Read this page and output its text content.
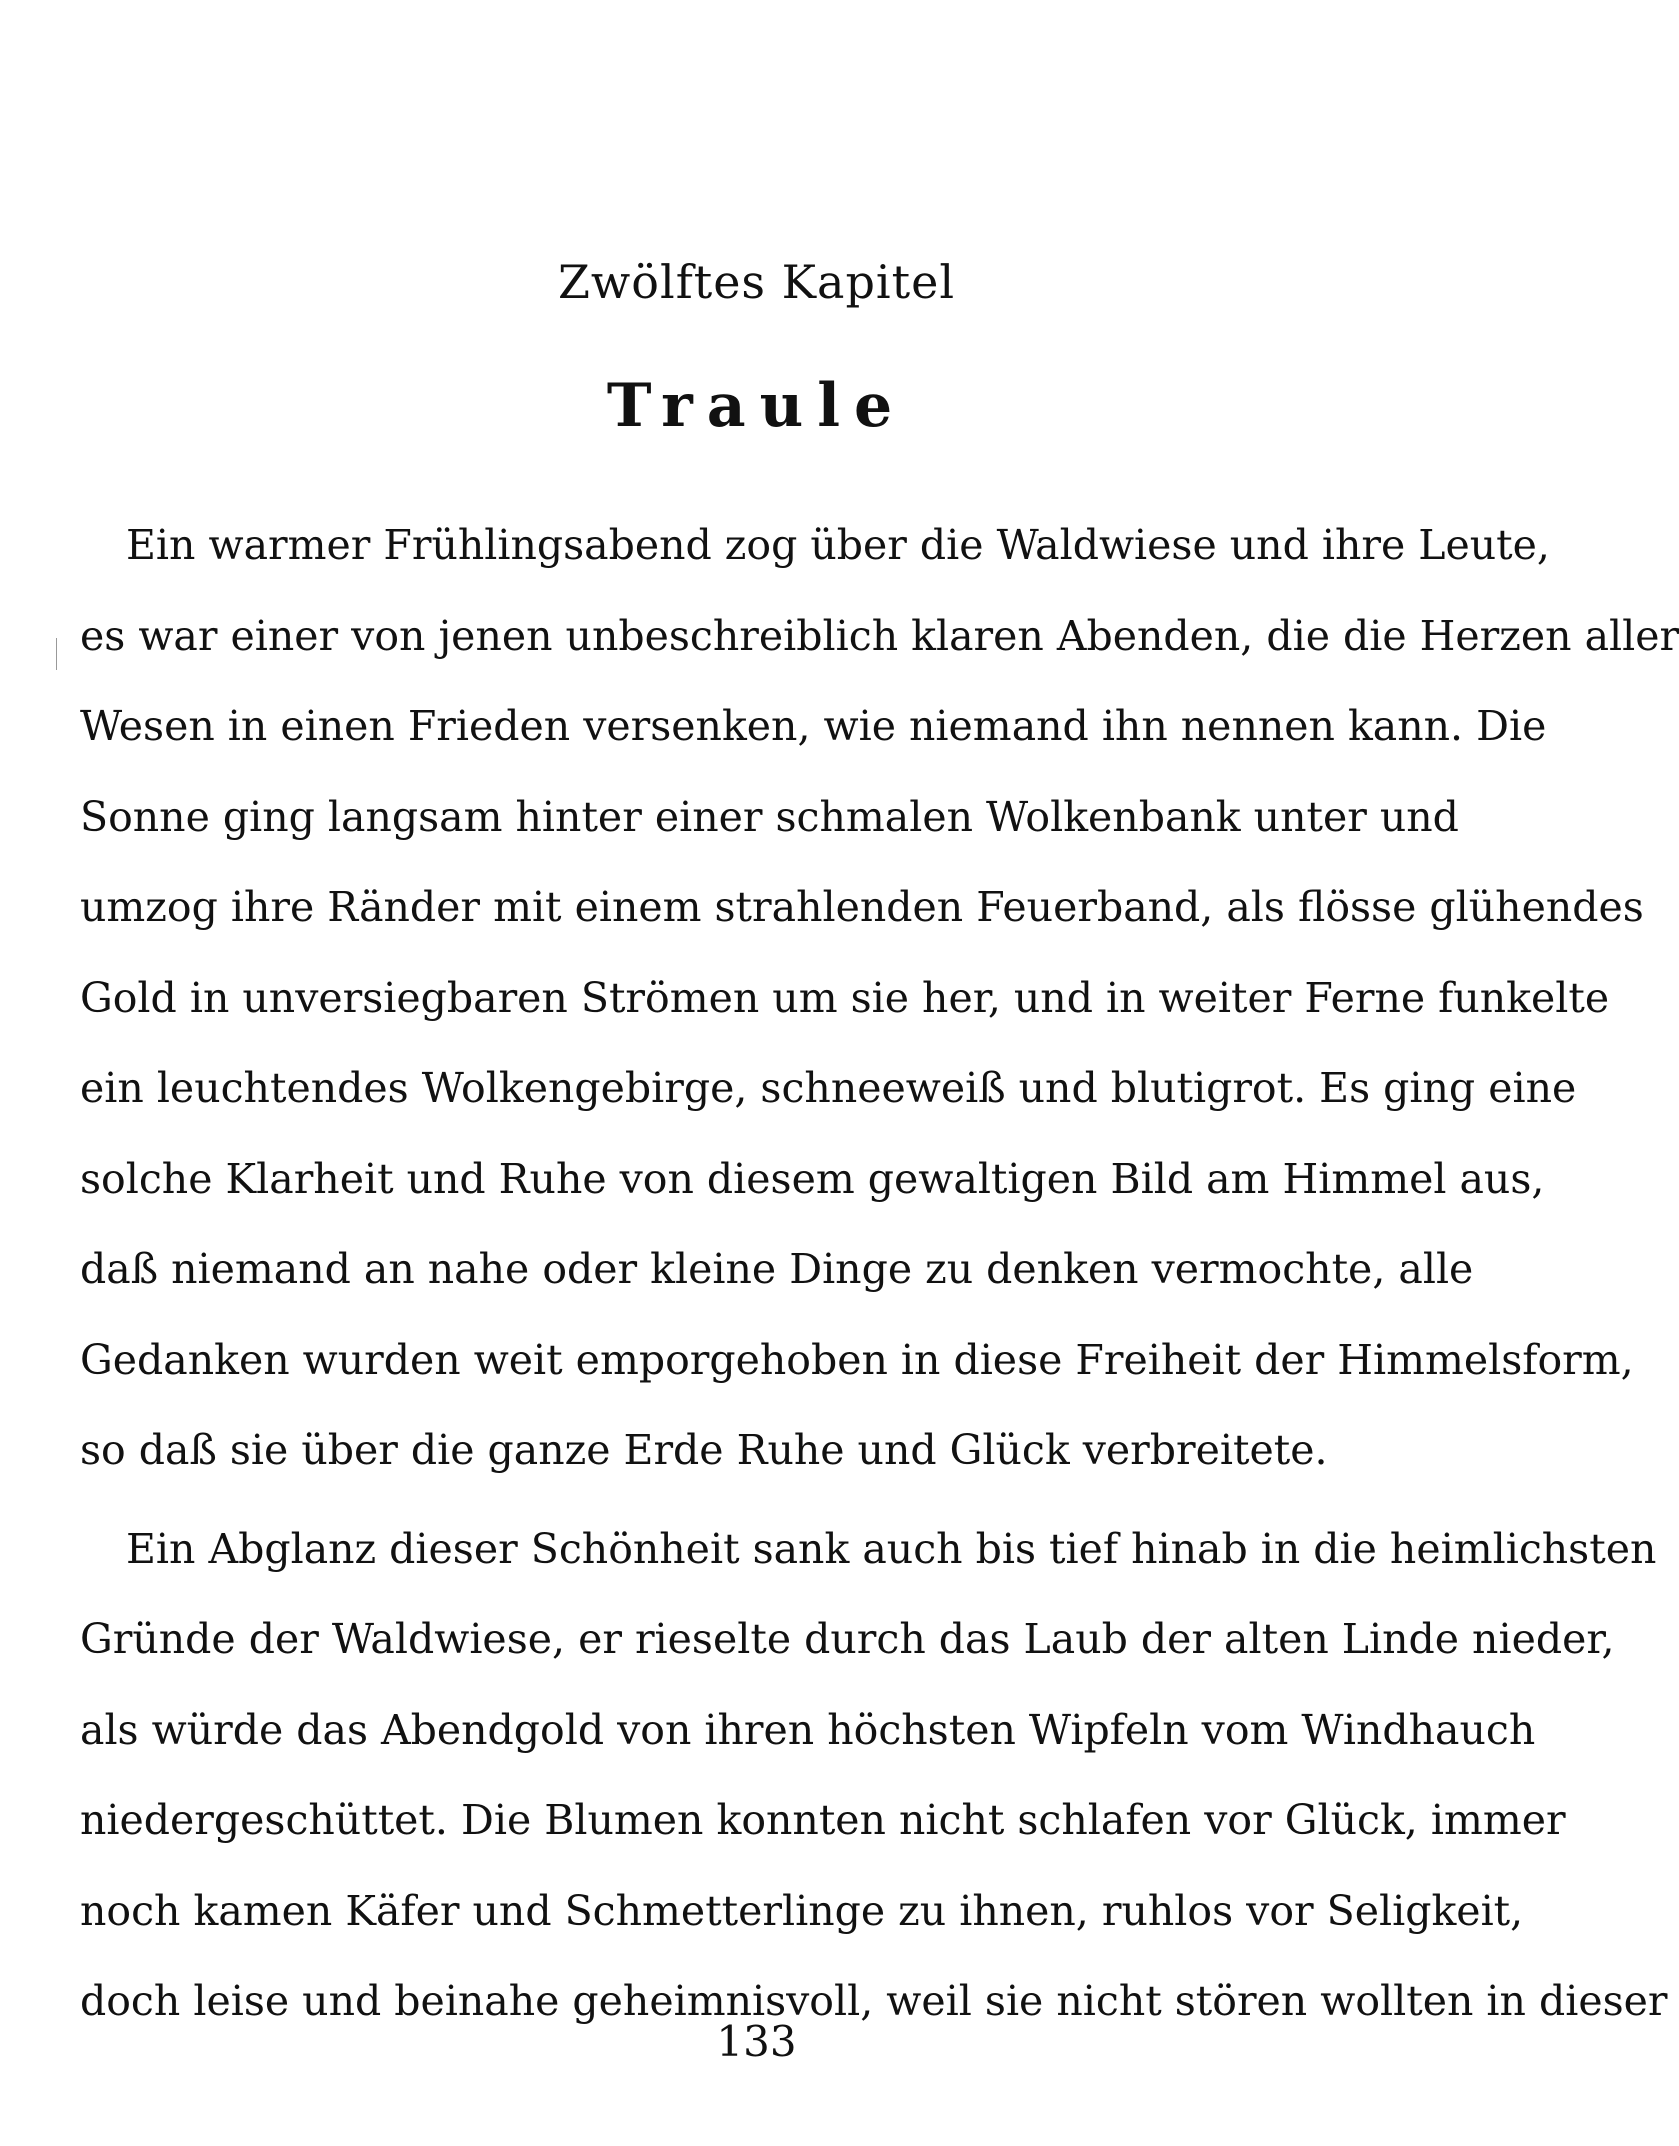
Zwölftes Kapitel
Traule
Ein warmer Frühlingsabend zog über die Waldwiese und ihre Leute,
es war einer von jenen unbeschreiblich klaren Abenden, die die Herzen aller
Wesen in einen Frieden versenken, wie niemand ihn nennen kann. Die
Sonne ging langsam hinter einer schmalen Wolkenbank unter und
umzog ihre Ränder mit einem strahlenden Feuerband, als flösse glühendes
Gold in unversiegbaren Strömen um sie her, und in weiter Ferne funkelte
ein leuchtendes Wolkengebirge, schneeweiß und blutigrot. Es ging eine
solche Klarheit und Ruhe von diesem gewaltigen Bild am Himmel aus,
daß niemand an nahe oder kleine Dinge zu denken vermochte, alle
Gedanken wurden weit emporgehoben in diese Freiheit der Himmelsform,
so daß sie über die ganze Erde Ruhe und Glück verbreitete.
Ein Abglanz dieser Schönheit sank auch bis tief hinab in die heimlichsten
Gründe der Waldwiese, er rieselte durch das Laub der alten Linde nieder,
als würde das Abendgold von ihren höchsten Wipfeln vom Windhauch
niedergeschüttet. Die Blumen konnten nicht schlafen vor Glück, immer
noch kamen Käfer und Schmetterlinge zu ihnen, ruhlos vor Seligkeit,
doch leise und beinahe geheimnisvoll, weil sie nicht stören wollten in dieser
133
